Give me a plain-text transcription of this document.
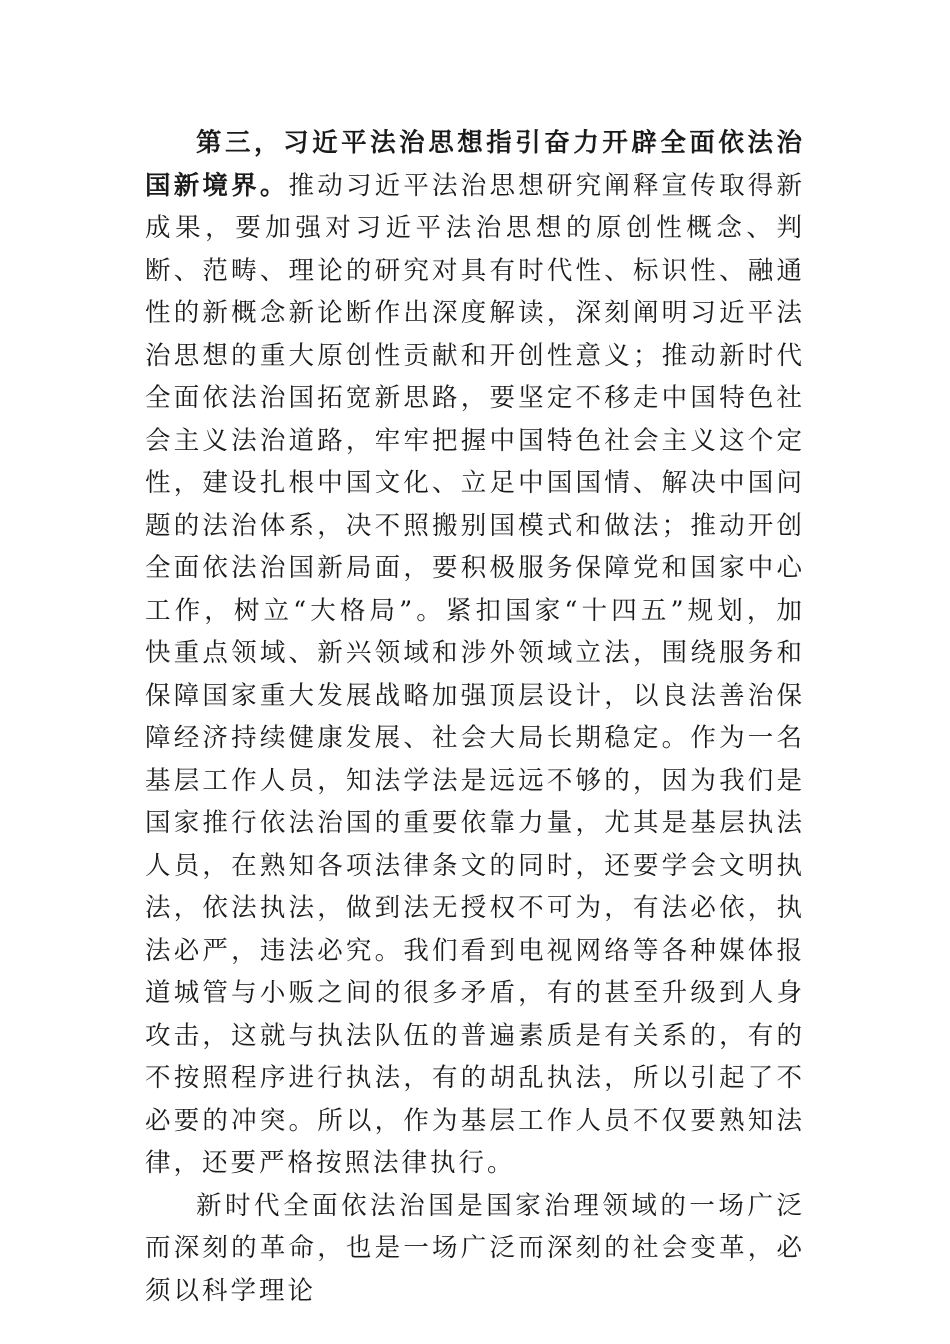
第三，习近平法治思想指引奋力开辟全面依法治国新境界。推动习近平法治思想研究阐释宣传取得新成果，要加强对习近平法治思想的原创性概念、判断、范畴、理论的研究对具有时代性、标识性、融通性的新概念新论断作出深度解读，深刻阐明习近平法治思想的重大原创性贡献和开创性意义；推动新时代全面依法治国拓宽新思路，要坚定不移走中国特色社会主义法治道路，牢牢把握中国特色社会主义这个定性，建设扎根中国文化、立足中国国情、解决中国问题的法治体系，决不照搬别国模式和做法；推动开创全面依法治国新局面，要积极服务保障党和国家中心工作，树立“大格局”。紧扣国家“十四五”规划，加快重点领域、新兴领域和涉外领域立法，围绕服务和保障国家重大发展战略加强顶层设计，以良法善治保障经济持续健康发展、社会大局长期稳定。作为一名基层工作人员，知法学法是远远不够的，因为我们是国家推行依法治国的重要依靠力量，尤其是基层执法人员，在熟知各项法律条文的同时，还要学会文明执法，依法执法，做到法无授权不可为，有法必依，执法必严，违法必究。我们看到电视网络等各种媒体报道城管与小贩之间的很多矛盾，有的甚至升级到人身攻击，这就与执法队伍的普遍素质是有关系的，有的不按照程序进行执法，有的胡乱执法，所以引起了不必要的冲突。所以，作为基层工作人员不仅要熟知法律，还要严格按照法律执行。

新时代全面依法治国是国家治理领域的一场广泛而深刻的革命，也是一场广泛而深刻的社会变革，必须以科学理论
